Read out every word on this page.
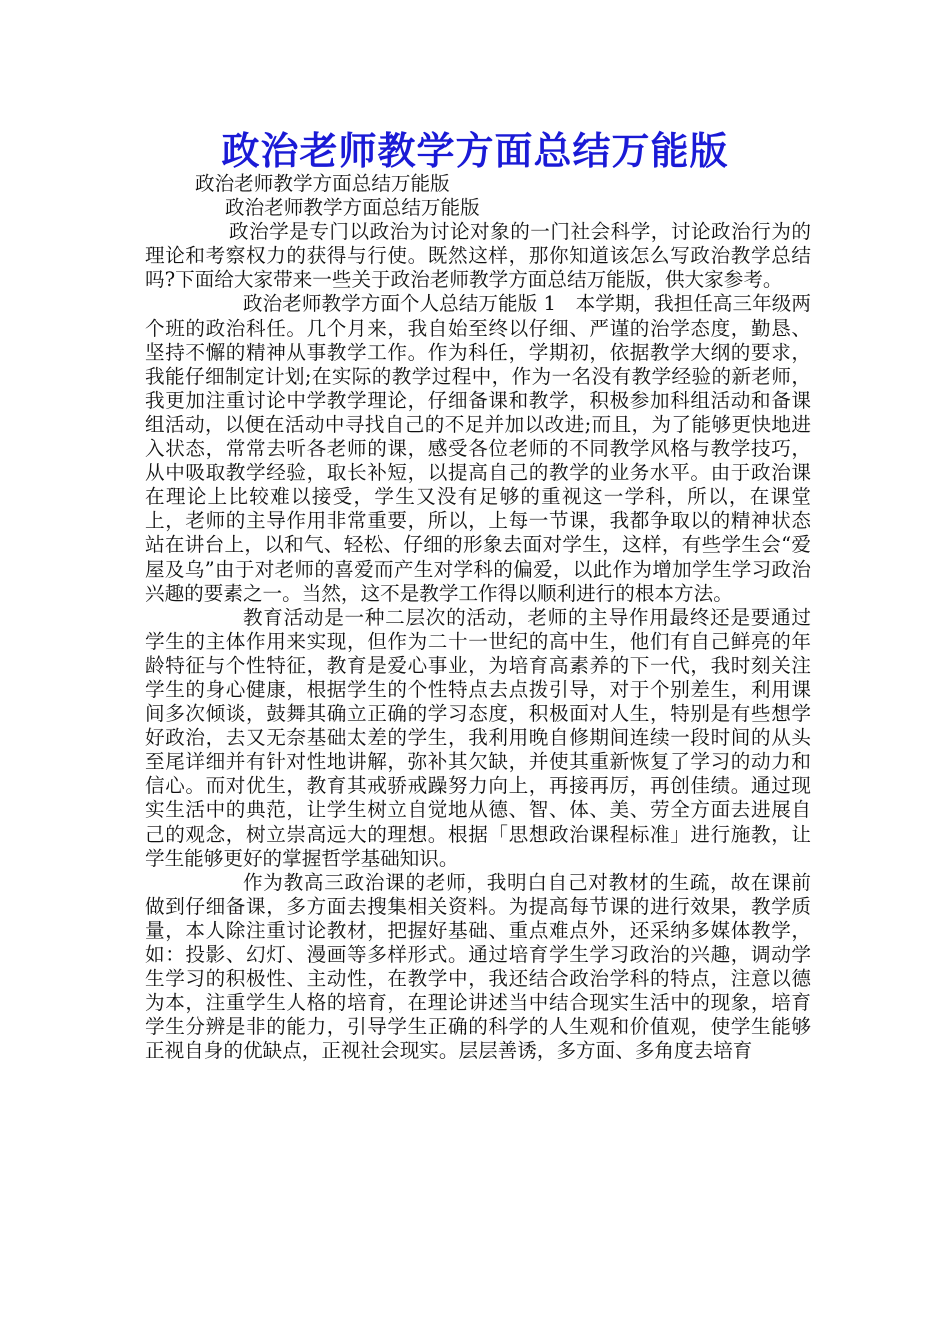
政治老师教学方面总结万能版

政治老师教学方面总结万能版

政治老师教学方面总结万能版

政治学是专门以政治为讨论对象的一门社会科学，讨论政治行为的理论和考察权力的获得与行使。既然这样，那你知道该怎么写政治教学总结吗?下面给大家带来一些关于政治老师教学方面总结万能版，供大家参考。

政治老师教学方面个人总结万能版 1　本学期，我担任高三年级两个班的政治科任。几个月来，我自始至终以仔细、严谨的治学态度，勤恳、坚持不懈的精神从事教学工作。作为科任，学期初，依据教学大纲的要求，我能仔细制定计划;在实际的教学过程中，作为一名没有教学经验的新老师，我更加注重讨论中学教学理论，仔细备课和教学，积极参加科组活动和备课组活动，以便在活动中寻找自己的不足并加以改进;而且，为了能够更快地进入状态，常常去听各老师的课，感受各位老师的不同教学风格与教学技巧，从中吸取教学经验，取长补短，以提高自己的教学的业务水平。由于政治课在理论上比较难以接受，学生又没有足够的重视这一学科，所以，在课堂上，老师的主导作用非常重要，所以，上每一节课，我都争取以的精神状态站在讲台上，以和气、轻松、仔细的形象去面对学生，这样，有些学生会“爱屋及乌”由于对老师的喜爱而产生对学科的偏爱，以此作为增加学生学习政治兴趣的要素之一。当然，这不是教学工作得以顺利进行的根本方法。

教育活动是一种二层次的活动，老师的主导作用最终还是要通过学生的主体作用来实现，但作为二十一世纪的高中生，他们有自己鲜亮的年龄特征与个性特征，教育是爱心事业，为培育高素养的下一代，我时刻关注学生的身心健康，根据学生的个性特点去点拨引导，对于个别差生，利用课间多次倾谈，鼓舞其确立正确的学习态度，积极面对人生，特别是有些想学好政治，去又无奈基础太差的学生，我利用晚自修期间连续一段时间的从头至尾详细并有针对性地讲解，弥补其欠缺，并使其重新恢复了学习的动力和信心。而对优生，教育其戒骄戒躁努力向上，再接再厉，再创佳绩。通过现实生活中的典范，让学生树立自觉地从德、智、体、美、劳全方面去进展自己的观念，树立崇高远大的理想。根据「思想政治课程标准」进行施教，让学生能够更好的掌握哲学基础知识。

作为教高三政治课的老师，我明白自己对教材的生疏，故在课前做到仔细备课，多方面去搜集相关资料。为提高每节课的进行效果，教学质量，本人除注重讨论教材，把握好基础、重点难点外，还采纳多媒体教学，如：投影、幻灯、漫画等多样形式。通过培育学生学习政治的兴趣，调动学生学习的积极性、主动性，在教学中，我还结合政治学科的特点，注意以德为本，注重学生人格的培育，在理论讲述当中结合现实生活中的现象，培育学生分辨是非的能力，引导学生正确的科学的人生观和价值观，使学生能够正视自身的优缺点，正视社会现实。层层善诱，多方面、多角度去培育
